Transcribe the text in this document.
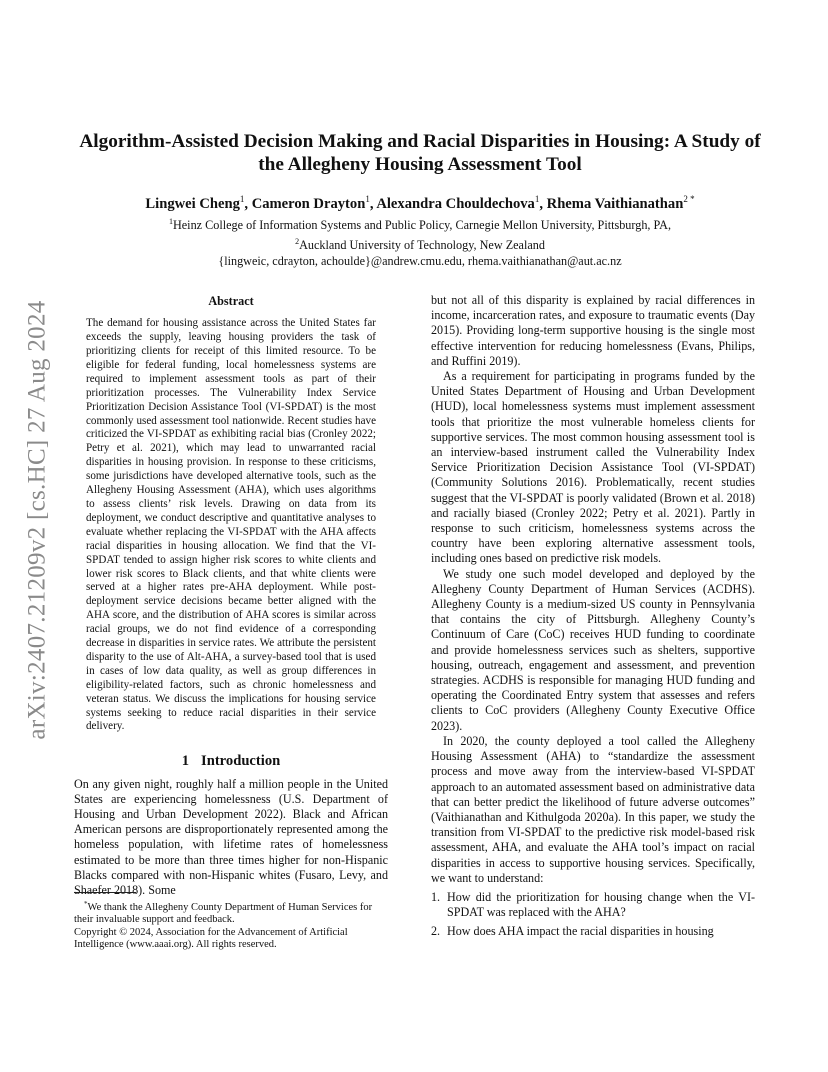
arXiv:2407.21209v2 [cs.HC] 27 Aug 2024
Algorithm-Assisted Decision Making and Racial Disparities in Housing: A Study of the Allegheny Housing Assessment Tool
Lingwei Cheng$^1$, Cameron Drayton$^1$, Alexandra Chouldechova$^1$, Rhema Vaithianathan$^{2 *}$
$^1$Heinz College of Information Systems and Public Policy, Carnegie Mellon University, Pittsburgh, PA,
$^2$Auckland University of Technology, New Zealand
{lingweic, cdrayton, achoulde}@andrew.cmu.edu, rhema.vaithianathan@aut.ac.nz
Abstract
The demand for housing assistance across the United States far exceeds the supply, leaving housing providers the task of prioritizing clients for receipt of this limited resource. To be eligible for federal funding, local homelessness systems are required to implement assessment tools as part of their prioritization processes. The Vulnerability Index Service Prioritization Decision Assistance Tool (VI-SPDAT) is the most commonly used assessment tool nationwide. Recent studies have criticized the VI-SPDAT as exhibiting racial bias (Cronley 2022; Petry et al. 2021), which may lead to unwarranted racial disparities in housing provision. In response to these criticisms, some jurisdictions have developed alternative tools, such as the Allegheny Housing Assessment (AHA), which uses algorithms to assess clients’ risk levels. Drawing on data from its deployment, we conduct descriptive and quantitative analyses to evaluate whether replacing the VI-SPDAT with the AHA affects racial disparities in housing allocation. We find that the VI-SPDAT tended to assign higher risk scores to white clients and lower risk scores to Black clients, and that white clients were served at a higher rates pre-AHA deployment. While post-deployment service decisions became better aligned with the AHA score, and the distribution of AHA scores is similar across racial groups, we do not find evidence of a corresponding decrease in disparities in service rates. We attribute the persistent disparity to the use of Alt-AHA, a survey-based tool that is used in cases of low data quality, as well as group differences in eligibility-related factors, such as chronic homelessness and veteran status. We discuss the implications for housing service systems seeking to reduce racial disparities in their service delivery.
1 Introduction

On any given night, roughly half a million people in the United States are experiencing homelessness (U.S. Department of Housing and Urban Development 2022). Black and African American persons are disproportionately represented among the homeless population, with lifetime rates of homelessness estimated to be more than three times higher for non-Hispanic Blacks compared with non-Hispanic whites (Fusaro, Levy, and Shaefer 2018). Some

*We thank the Allegheny County Department of Human Services for their invaluable support and feedback.

Copyright © 2024, Association for the Advancement of Artificial Intelligence (www.aaai.org). All rights reserved.

but not all of this disparity is explained by racial differences in income, incarceration rates, and exposure to traumatic events (Day 2015). Providing long-term supportive housing is the single most effective intervention for reducing homelessness (Evans, Philips, and Ruffini 2019).

As a requirement for participating in programs funded by the United States Department of Housing and Urban Development (HUD), local homelessness systems must implement assessment tools that prioritize the most vulnerable homeless clients for supportive services. The most common housing assessment tool is an interview-based instrument called the Vulnerability Index Service Prioritization Decision Assistance Tool (VI-SPDAT) (Community Solutions 2016). Problematically, recent studies suggest that the VI-SPDAT is poorly validated (Brown et al. 2018) and racially biased (Cronley 2022; Petry et al. 2021). Partly in response to such criticism, homelessness systems across the country have been exploring alternative assessment tools, including ones based on predictive risk models.

We study one such model developed and deployed by the Allegheny County Department of Human Services (ACDHS). Allegheny County is a medium-sized US county in Pennsylvania that contains the city of Pittsburgh. Allegheny County’s Continuum of Care (CoC) receives HUD funding to coordinate and provide homelessness services such as shelters, supportive housing, outreach, engagement and assessment, and prevention strategies. ACDHS is responsible for managing HUD funding and operating the Coordinated Entry system that assesses and refers clients to CoC providers (Allegheny County Executive Office 2023).

In 2020, the county deployed a tool called the Allegheny Housing Assessment (AHA) to “standardize the assessment process and move away from the interview-based VI-SPDAT approach to an automated assessment based on administrative data that can better predict the likelihood of future adverse outcomes” (Vaithianathan and Kithulgoda 2020a). In this paper, we study the transition from VI-SPDAT to the predictive risk model-based risk assessment, AHA, and evaluate the AHA tool’s impact on racial disparities in access to supportive housing services. Specifically, we want to understand:

1. How did the prioritization for housing change when the VI-SPDAT was replaced with the AHA?
2. How does AHA impact the racial disparities in housing
